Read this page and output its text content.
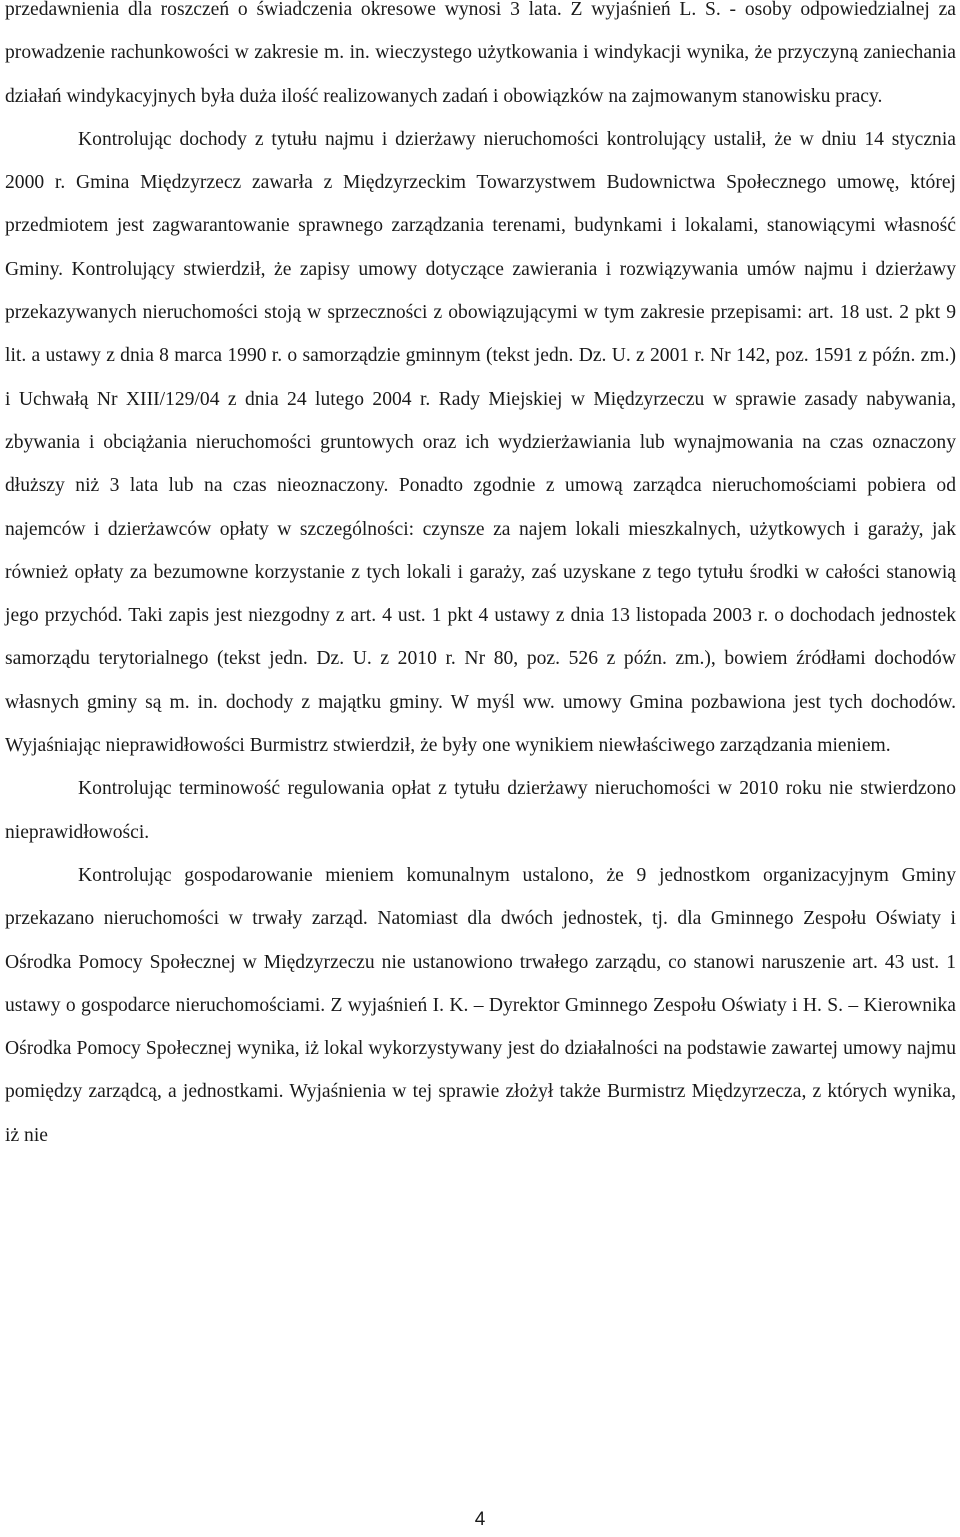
przedawnienia dla roszczeń o świadczenia okresowe wynosi 3 lata. Z wyjaśnień L. S. - osoby odpowiedzialnej za prowadzenie rachunkowości w zakresie m. in. wieczystego użytkowania i windykacji wynika, że przyczyną zaniechania działań windykacyjnych była duża ilość realizowanych zadań i obowiązków na zajmowanym stanowisku pracy.

Kontrolując dochody z tytułu najmu i dzierżawy nieruchomości kontrolujący ustalił, że w dniu 14 stycznia 2000 r. Gmina Międzyrzecz zawarła z Międzyrzeckim Towarzystwem Budownictwa Społecznego umowę, której przedmiotem jest zagwarantowanie sprawnego zarządzania terenami, budynkami i lokalami, stanowiącymi własność Gminy. Kontrolujący stwierdził, że zapisy umowy dotyczące zawierania i rozwiązywania umów najmu i dzierżawy przekazywanych nieruchomości stoją w sprzeczności z obowiązującymi w tym zakresie przepisami: art. 18 ust. 2 pkt 9 lit. a ustawy z dnia 8 marca 1990 r. o samorządzie gminnym (tekst jedn. Dz. U. z 2001 r. Nr 142, poz. 1591 z późn. zm.) i Uchwałą Nr XIII/129/04 z dnia 24 lutego 2004 r. Rady Miejskiej w Międzyrzeczu w sprawie zasady nabywania, zbywania i obciążania nieruchomości gruntowych oraz ich wydzierżawiania lub wynajmowania na czas oznaczony dłuższy niż 3 lata lub na czas nieoznaczony. Ponadto zgodnie z umową zarządca nieruchomościami pobiera od najemców i dzierżawców opłaty w szczególności: czynsze za najem lokali mieszkalnych, użytkowych i garaży, jak również opłaty za bezumowne korzystanie z tych lokali i garaży, zaś uzyskane z tego tytułu środki w całości stanowią jego przychód. Taki zapis jest niezgodny z art. 4 ust. 1 pkt 4 ustawy z dnia 13 listopada 2003 r. o dochodach jednostek samorządu terytorialnego (tekst jedn. Dz. U. z 2010 r. Nr 80, poz. 526 z późn. zm.), bowiem źródłami dochodów własnych gminy są m. in. dochody z majątku gminy. W myśl ww. umowy Gmina pozbawiona jest tych dochodów. Wyjaśniając nieprawidłowości Burmistrz stwierdził, że były one wynikiem niewłaściwego zarządzania mieniem.

Kontrolując terminowość regulowania opłat z tytułu dzierżawy nieruchomości w 2010 roku nie stwierdzono nieprawidłowości.

Kontrolując gospodarowanie mieniem komunalnym ustalono, że 9 jednostkom organizacyjnym Gminy przekazano nieruchomości w trwały zarząd. Natomiast dla dwóch jednostek, tj. dla Gminnego Zespołu Oświaty i Ośrodka Pomocy Społecznej w Międzyrzeczu nie ustanowiono trwałego zarządu, co stanowi naruszenie art. 43 ust. 1 ustawy o gospodarce nieruchomościami. Z wyjaśnień I. K. – Dyrektor Gminnego Zespołu Oświaty i H. S. – Kierownika Ośrodka Pomocy Społecznej wynika, iż lokal wykorzystywany jest do działalności na podstawie zawartej umowy najmu pomiędzy zarządcą, a jednostkami. Wyjaśnienia w tej sprawie złożył także Burmistrz Międzyrzecza, z których wynika, iż nie

4
